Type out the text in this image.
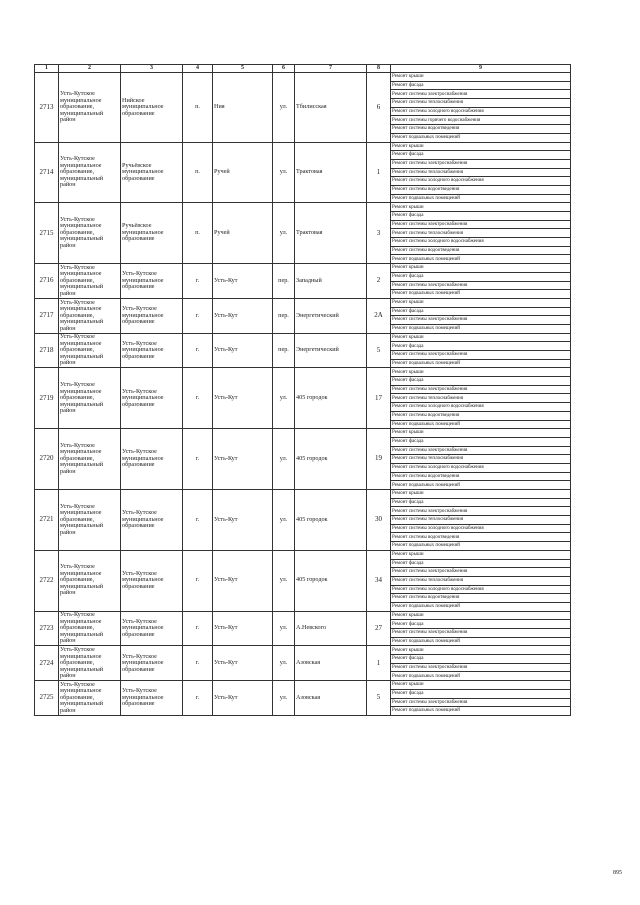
1	2	3	4	5	6	7	8	9
2713	Усть-Кутское муниципальное образование, муниципальный район	Нийское муниципальное образование	п.	Ния	ул.	Тбилисская	6	
Ремонт крыши
Ремонт фасада
Ремонт системы электроснабжения
Ремонт системы теплоснабжения
Ремонт системы холодного водоснабжения
Ремонт системы горячего водоснабжения
Ремонт системы водоотведения
Ремонт подвальных помещений

2714	Усть-Кутское муниципальное образование, муниципальный район	Ручьёвское муниципальное образование	п.	Ручей	ул.	Трактовая	1	
Ремонт крыши
Ремонт фасада
Ремонт системы электроснабжения
Ремонт системы теплоснабжения
Ремонт системы холодного водоснабжения
Ремонт системы водоотведения
Ремонт подвальных помещений

2715	Усть-Кутское муниципальное образование, муниципальный район	Ручьёвское муниципальное образование	п.	Ручей	ул.	Трактовая	3	
Ремонт крыши
Ремонт фасада
Ремонт системы электроснабжения
Ремонт системы теплоснабжения
Ремонт системы холодного водоснабжения
Ремонт системы водоотведения
Ремонт подвальных помещений

2716	Усть-Кутское муниципальное образование, муниципальный район	Усть-Кутское муниципальное образование	г.	Усть-Кут	пер.	Западный	2	
Ремонт крыши
Ремонт фасада
Ремонт системы электроснабжения
Ремонт подвальных помещений

2717	Усть-Кутское муниципальное образование, муниципальный район	Усть-Кутское муниципальное образование	г.	Усть-Кут	пер.	Энергетический	2А	
Ремонт крыши
Ремонт фасада
Ремонт системы электроснабжения
Ремонт подвальных помещений

2718	Усть-Кутское муниципальное образование, муниципальный район	Усть-Кутское муниципальное образование	г.	Усть-Кут	пер.	Энергетический	5	
Ремонт крыши
Ремонт фасада
Ремонт системы электроснабжения
Ремонт подвальных помещений

2719	Усть-Кутское муниципальное образование, муниципальный район	Усть-Кутское муниципальное образование	г.	Усть-Кут	ул.	405 городок	17	
Ремонт крыши
Ремонт фасада
Ремонт системы электроснабжения
Ремонт системы теплоснабжения
Ремонт системы холодного водоснабжения
Ремонт системы водоотведения
Ремонт подвальных помещений

2720	Усть-Кутское муниципальное образование, муниципальный район	Усть-Кутское муниципальное образование	г.	Усть-Кут	ул.	405 городок	19	
Ремонт крыши
Ремонт фасада
Ремонт системы электроснабжения
Ремонт системы теплоснабжения
Ремонт системы холодного водоснабжения
Ремонт системы водоотведения
Ремонт подвальных помещений

2721	Усть-Кутское муниципальное образование, муниципальный район	Усть-Кутское муниципальное образование	г.	Усть-Кут	ул.	405 городок	30	
Ремонт крыши
Ремонт фасада
Ремонт системы электроснабжения
Ремонт системы теплоснабжения
Ремонт системы холодного водоснабжения
Ремонт системы водоотведения
Ремонт подвальных помещений

2722	Усть-Кутское муниципальное образование, муниципальный район	Усть-Кутское муниципальное образование	г.	Усть-Кут	ул.	405 городок	34	
Ремонт крыши
Ремонт фасада
Ремонт системы электроснабжения
Ремонт системы теплоснабжения
Ремонт системы холодного водоснабжения
Ремонт системы водоотведения
Ремонт подвальных помещений

2723	Усть-Кутское муниципальное образование, муниципальный район	Усть-Кутское муниципальное образование	г.	Усть-Кут	ул.	А.Невского	27	
Ремонт крыши
Ремонт фасада
Ремонт системы электроснабжения
Ремонт подвальных помещений

2724	Усть-Кутское муниципальное образование, муниципальный район	Усть-Кутское муниципальное образование	г.	Усть-Кут	ул.	Азовская	1	
Ремонт крыши
Ремонт фасада
Ремонт системы электроснабжения
Ремонт подвальных помещений

2725	Усть-Кутское муниципальное образование, муниципальный район	Усть-Кутское муниципальное образование	г.	Усть-Кут	ул.	Азовская	5	
Ремонт крыши
Ремонт фасада
Ремонт системы электроснабжения
Ремонт подвальных помещений
895
